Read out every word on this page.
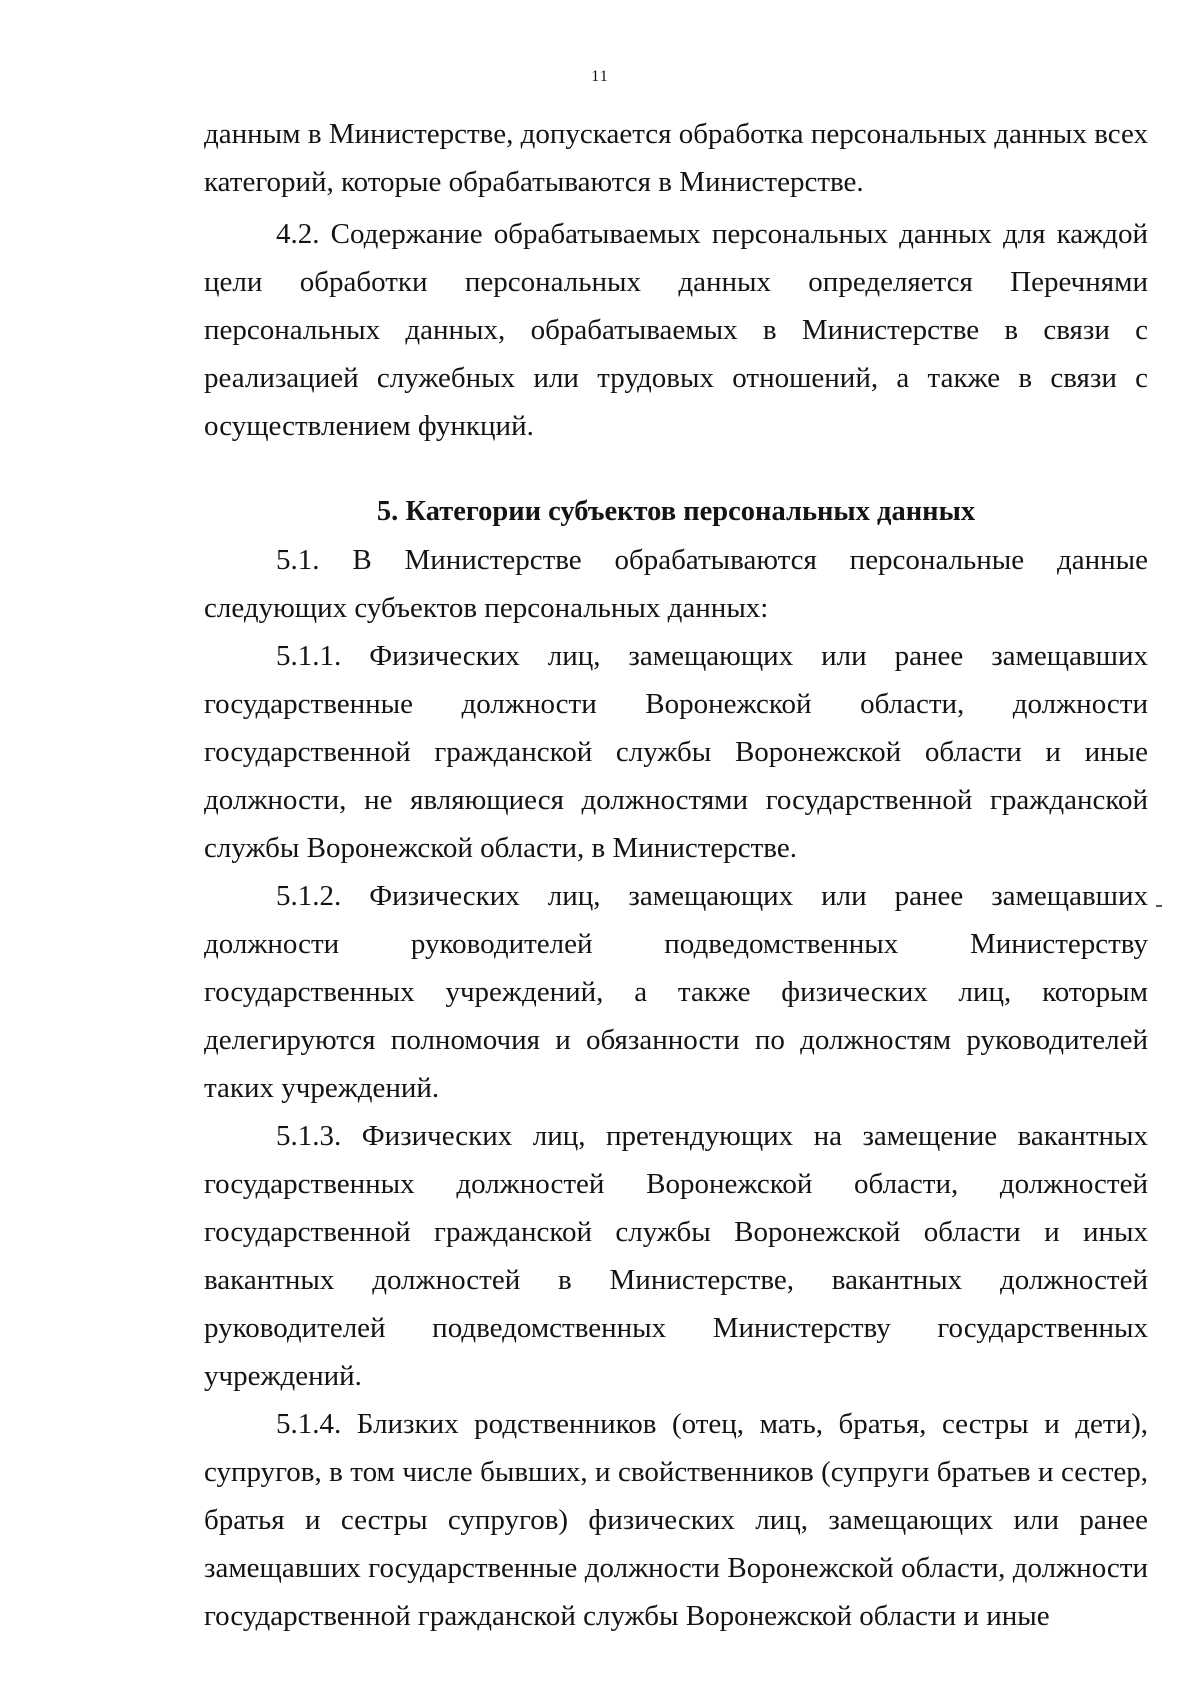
11

данным в Министерстве, допускается обработка персональных данных всех категорий, которые обрабатываются в Министерстве.

4.2. Содержание обрабатываемых персональных данных для каждой цели обработки персональных данных определяется Перечнями персональных данных, обрабатываемых в Министерстве в связи с реализацией служебных или трудовых отношений, а также в связи с осуществлением функций.

5. Категории субъектов персональных данных

5.1. В Министерстве обрабатываются персональные данные следующих субъектов персональных данных:

5.1.1. Физических лиц, замещающих или ранее замещавших государственные должности Воронежской области, должности государственной гражданской службы Воронежской области и иные должности, не являющиеся должностями государственной гражданской службы Воронежской области, в Министерстве.

5.1.2. Физических лиц, замещающих или ранее замещавших должности руководителей подведомственных Министерству государственных учреждений, а также физических лиц, которым делегируются полномочия и обязанности по должностям руководителей таких учреждений.

5.1.3. Физических лиц, претендующих на замещение вакантных государственных должностей Воронежской области, должностей государственной гражданской службы Воронежской области и иных вакантных должностей в Министерстве, вакантных должностей руководителей подведомственных Министерству государственных учреждений.

5.1.4. Близких родственников (отец, мать, братья, сестры и дети), супругов, в том числе бывших, и свойственников (супруги братьев и сестер, братья и сестры супругов) физических лиц, замещающих или ранее замещавших государственные должности Воронежской области, должности государственной гражданской службы Воронежской области и иные
